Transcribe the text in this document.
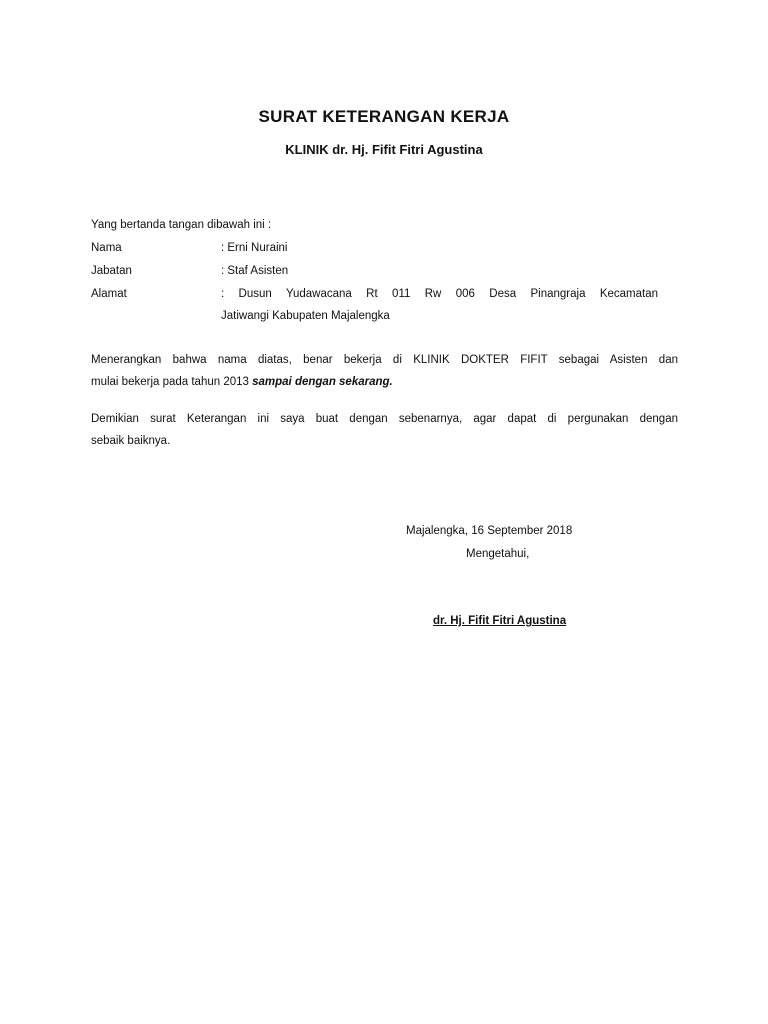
SURAT KETERANGAN KERJA
KLINIK dr. Hj. Fifit Fitri Agustina
Yang bertanda tangan dibawah ini :
Nama	: Erni Nuraini
Jabatan	: Staf Asisten
Alamat	: Dusun Yudawacana Rt 011 Rw 006 Desa Pinangraja Kecamatan
Jatiwangi Kabupaten Majalengka
Menerangkan bahwa nama diatas, benar bekerja di KLINIK DOKTER FIFIT sebagai Asisten dan
mulai bekerja pada tahun 2013 sampai dengan sekarang.
Demikian surat Keterangan ini saya buat dengan sebenarnya, agar dapat di pergunakan dengan
sebaik baiknya.
Majalengka, 16 September 2018
Mengetahui,
dr. Hj. Fifit Fitri Agustina
